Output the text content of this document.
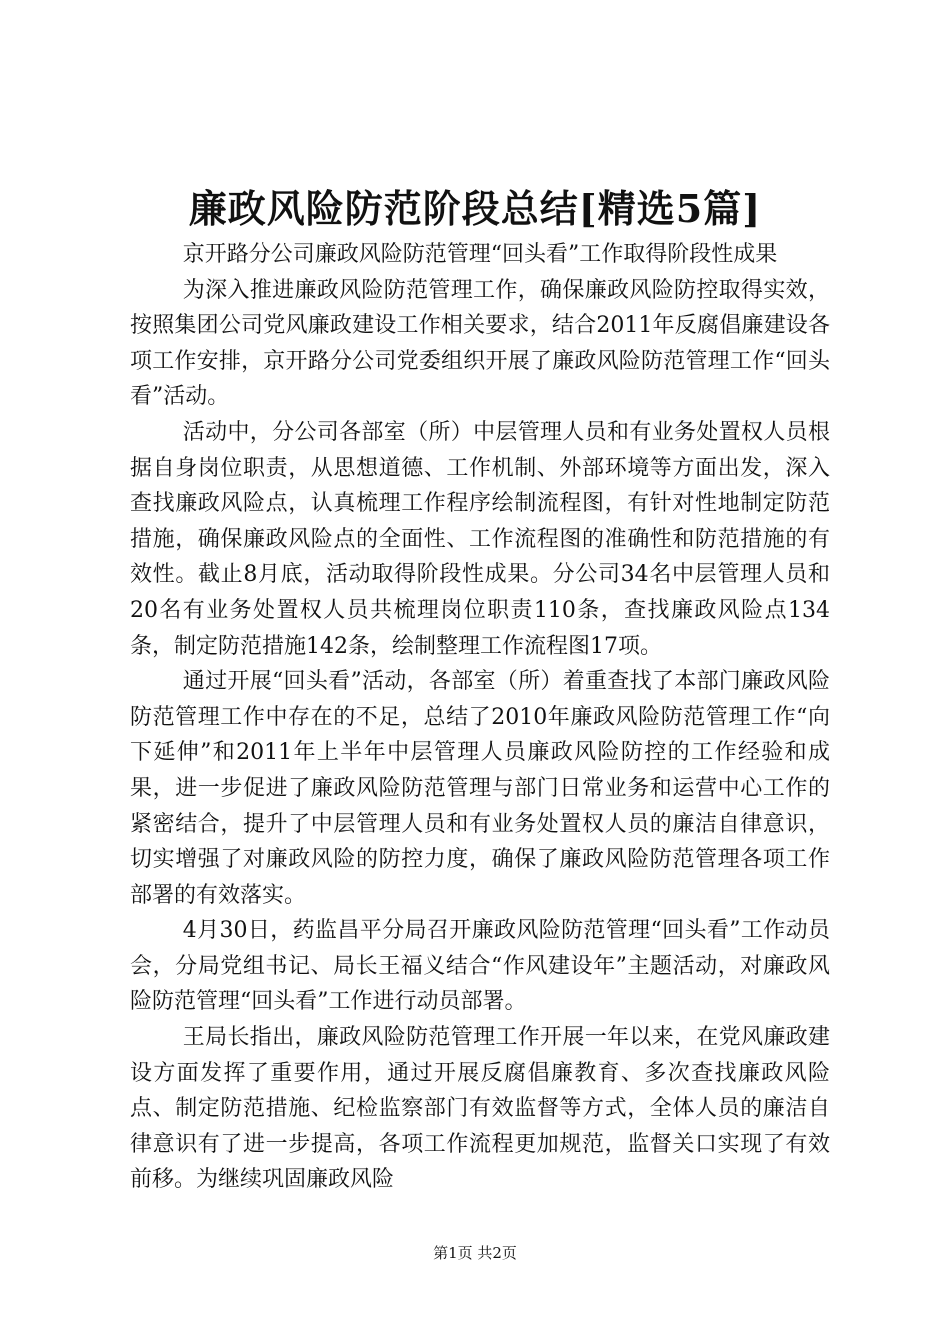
廉政风险防范阶段总结[精选5篇]

京开路分公司廉政风险防范管理“回头看”工作取得阶段性成果

为深入推进廉政风险防范管理工作，确保廉政风险防控取得实效，按照集团公司党风廉政建设工作相关要求，结合2011年反腐倡廉建设各项工作安排，京开路分公司党委组织开展了廉政风险防范管理工作“回头看”活动。

活动中，分公司各部室（所）中层管理人员和有业务处置权人员根据自身岗位职责，从思想道德、工作机制、外部环境等方面出发，深入查找廉政风险点，认真梳理工作程序绘制流程图，有针对性地制定防范措施，确保廉政风险点的全面性、工作流程图的准确性和防范措施的有效性。截止8月底，活动取得阶段性成果。分公司34名中层管理人员和20名有业务处置权人员共梳理岗位职责110条，查找廉政风险点134条，制定防范措施142条，绘制整理工作流程图17项。

通过开展“回头看”活动，各部室（所）着重查找了本部门廉政风险防范管理工作中存在的不足，总结了2010年廉政风险防范管理工作“向下延伸”和2011年上半年中层管理人员廉政风险防控的工作经验和成果，进一步促进了廉政风险防范管理与部门日常业务和运营中心工作的紧密结合，提升了中层管理人员和有业务处置权人员的廉洁自律意识，切实增强了对廉政风险的防控力度，确保了廉政风险防范管理各项工作部署的有效落实。

4月30日，药监昌平分局召开廉政风险防范管理“回头看”工作动员会，分局党组书记、局长王福义结合“作风建设年”主题活动，对廉政风险防范管理“回头看”工作进行动员部署。

王局长指出，廉政风险防范管理工作开展一年以来，在党风廉政建设方面发挥了重要作用，通过开展反腐倡廉教育、多次查找廉政风险点、制定防范措施、纪检监察部门有效监督等方式，全体人员的廉洁自律意识有了进一步提高，各项工作流程更加规范，监督关口实现了有效前移。为继续巩固廉政风险

第1页 共2页
